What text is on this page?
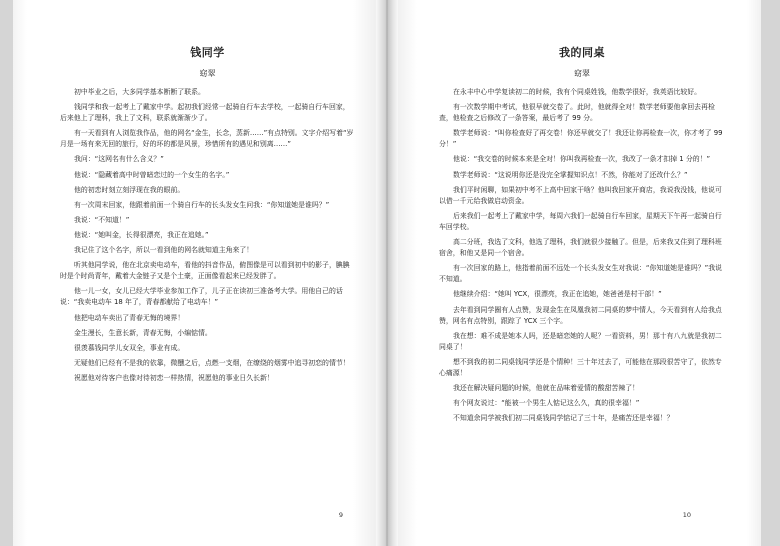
钱同学
窈翠

初中毕业之后，大多同学基本断断了联系。

钱同学和我一起考上了戴家中学。起初我们经常一起骑自行车去学校，一起骑自行车回家，后来他上了理科，我上了文科，联系就渐渐少了。

有一天看到有人浏览我作品，他的网名“金生，长念，蒸新……”有点特别。文字介绍写着“岁月是一场有来无回的旅行，好的坏的都是风景，珍惜所有的遇见和别离……”

我问：“这网名有什么含义？”

他说：“隐藏着高中时曾暗恋过的一个女生的名字。”

他的初恋时刻立刻浮现在我的眼前。

有一次周末回家，他跟着前面一个骑自行车的长头发女生问我：“你知道她是谁吗？”

我说：“不知道！”

他说：“她叫金，长得很漂亮，我正在追她。”

我记住了这个名字，所以一看到他的网名就知道主角来了！

听其他同学说，他在北京卖电动车，看他的抖音作品，俯图像是可以看到初中的影子，腆腆时是个时尚青年，戴着大金链子又是个土豪，正面像看起来已经发胖了。

他一儿一女，女儿已经大学毕业参加工作了，儿子正在读初三准备考大学。用他自己的话说：“我卖电动车 18 年了，青春都献给了电动车！”

他把电动车卖出了青春无悔的境界！

金生漫长，生意长新，青春无悔，小编惦情。

很羡慕钱同学儿女双全，事业有成。

无疑他们已经有不是我的依靠，微醺之后，点燃一支烟，在缭绕的烟雾中追寻初恋的情节！

祝愿他对待客户也像对待初恋一样热情，祝愿他的事业日久长新！

9
我的同桌
窈翠

在永丰中心中学复读初二的时候，我有个同桌姓钱，他数学很好，我英语比较好。

有一次数学期中考试，他很早就交卷了。此时，他就得全对！数学老师要他拿回去再检查，他检查之后修改了一条答案，最后考了 99 分。

数学老师说：“叫你检查好了再交卷！你还早就交了！我还让你再检查一次，你才考了 99 分！”

他说：“我交卷的时候本来是全对！你叫我再检查一次，我改了一条才扣掉 1 分的！”

数学老师说：“这说明你还是没完全掌握知识点！不然，你能对了还改什么？”

我们平时闲聊，如果初中考不上高中回家干啥？他叫我回家开商店，我说我没钱，他说可以借一千元给我做启动资金。

后来我们一起考上了戴家中学，每周六我们一起骑自行车回家，星期天下午再一起骑自行车回学校。

高二分班，我选了文科，他选了理科，我们就很少接触了。但是，后来我又住到了理科班宿舍，和他又是同一个宿舍。

有一次回家的路上，他指着前面不远处一个长头发女生对我说：“你知道她是谁吗？”我说不知道。

他继续介绍：“她叫 YCX，很漂亮，我正在追她，她爸爸是村干部！”

去年看到同学圈有人点赞，发现金生在凤凰我初二同桌的梦中情人，今天看到有人给我点赞，网名有点特别，跟踪了 YCX 三个字。

我在想：难不成是她本人吗，还是暗恋她的人呢？一看资料，男！那十有八九就是我初二同桌了！

想不到我的初二同桌钱同学还是个情种！三十年过去了，可能他在那段很苦守了，依然专心痛源！

我还在解决疑问题的时候，他就在品味着爱情的酸甜苦辣了！

有个网友说过：“能被一个男生人惦记这么久，真的很幸福！”

不知道余同学被我们初二同桌钱同学惦记了三十年，是痛苦还是幸福！？

10
